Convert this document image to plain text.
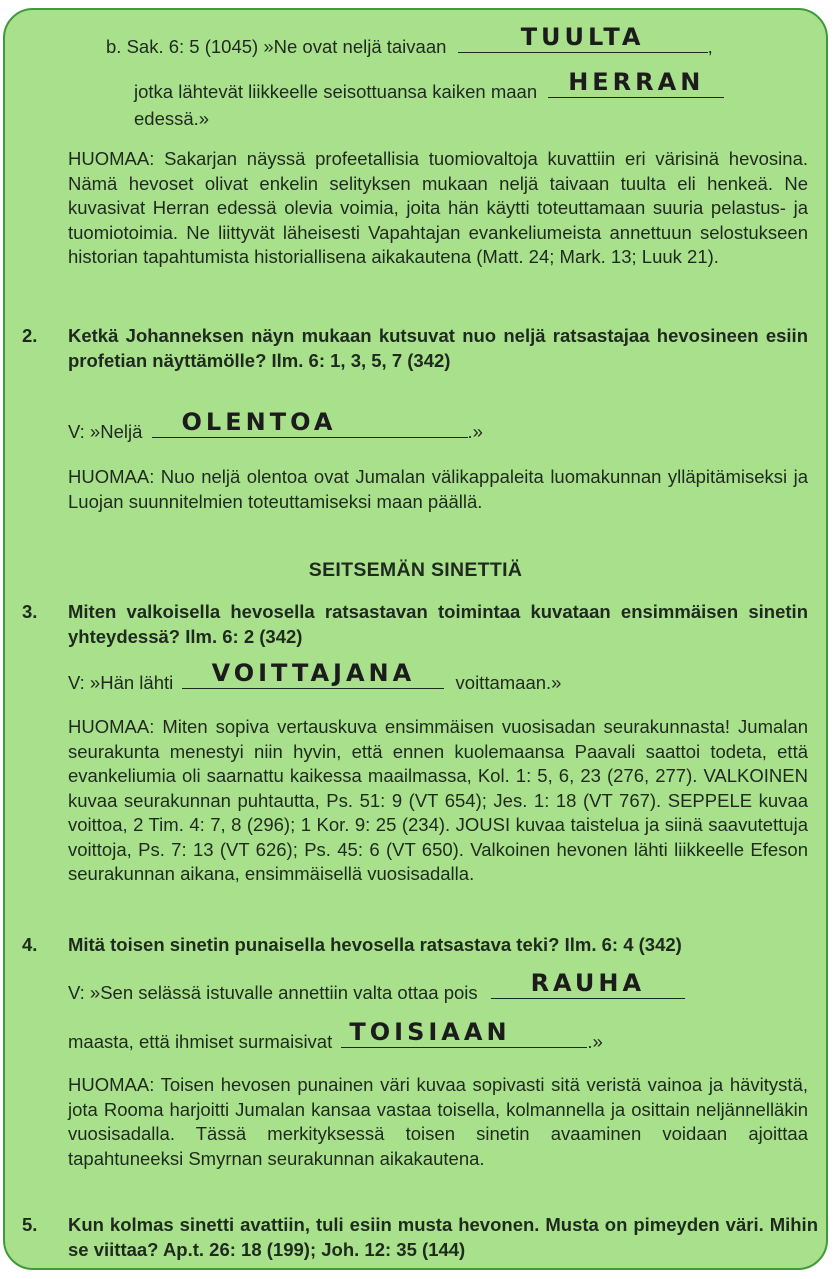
b. Sak. 6: 5 (1045) »Ne ovat neljä taivaan	TUULTA	,
jotka lähtevät liikkeelle seisottuansa kaiken maan	HERRAN
edessä.»

HUOMAA: Sakarjan näyssä profeetallisia tuomiovaltoja kuvattiin eri värisinä hevosina. Nämä hevoset olivat enkelin selityksen mukaan neljä taivaan tuulta eli henkeä. Ne kuvasivat Herran edessä olevia voimia, joita hän käytti toteuttamaan suuria pelastus- ja tuomiotoimia. Ne liittyvät läheisesti Vapahtajan evankeliumeista annettuun selostukseen historian tapahtumista historiallisena aikakautena (Matt. 24; Mark. 13; Luuk 21).

2. Ketkä Johanneksen näyn mukaan kutsuvat nuo neljä ratsastajaa hevosineen esiin profetian näyttämölle? Ilm. 6: 1, 3, 5, 7 (342)

V: »Neljä	OLENTOA	.»

HUOMAA: Nuo neljä olentoa ovat Jumalan välikappaleita luomakunnan ylläpitämiseksi ja Luojan suunnitelmien toteuttamiseksi maan päällä.

SEITSEMÄN SINETTIÄ
3. Miten valkoisella hevosella ratsastavan toimintaa kuvataan ensimmäisen sinetin yhteydessä? Ilm. 6: 2 (342)

V: »Hän lähti	VOITTAJANA	voittamaan.»

HUOMAA: Miten sopiva vertauskuva ensimmäisen vuosisadan seurakunnasta! Jumalan seurakunta menestyi niin hyvin, että ennen kuolemaansa Paavali saattoi todeta, että evankeliumia oli saarnattu kaikessa maailmassa, Kol. 1: 5, 6, 23 (276, 277). VALKOINEN kuvaa seurakunnan puhtautta, Ps. 51: 9 (VT 654); Jes. 1: 18 (VT 767). SEPPELE kuvaa voittoa, 2 Tim. 4: 7, 8 (296); 1 Kor. 9: 25 (234). JOUSI kuvaa taistelua ja siinä saavutettuja voittoja, Ps. 7: 13 (VT 626); Ps. 45: 6 (VT 650). Valkoinen hevonen lähti liikkeelle Efeson seurakunnan aikana, ensimmäisellä vuosisadalla.

4. Mitä toisen sinetin punaisella hevosella ratsastava teki? Ilm. 6: 4 (342)

V: »Sen selässä istuvalle annettiin valta ottaa pois	RAUHA
maasta, että ihmiset surmaisivat TOISIAAN	.»

HUOMAA: Toisen hevosen punainen väri kuvaa sopivasti sitä veristä vainoa ja hävitystä, jota Rooma harjoitti Jumalan kansaa vastaa toisella, kolmannella ja osittain neljännelläkin vuosisadalla. Tässä merkityksessä toisen sinetin avaaminen voidaan ajoittaa tapahtuneeksi Smyrnan seurakunnan aikakautena.

5. Kun kolmas sinetti avattiin, tuli esiin musta hevonen. Musta on pimeyden väri. Mihin se viittaa? Ap.t. 26: 18 (199); Joh. 12: 35 (144)
